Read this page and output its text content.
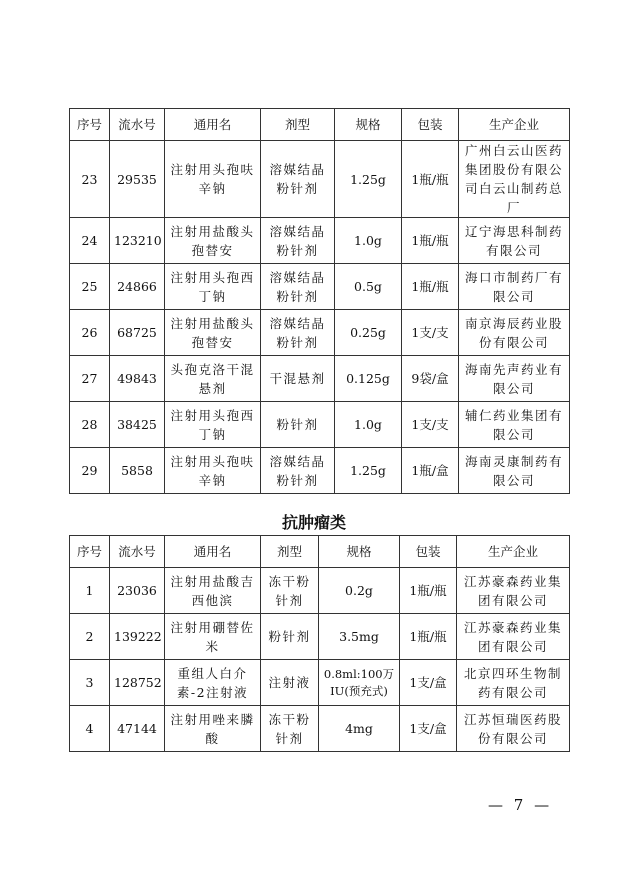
序号	流水号	通用名	剂型	规格	包装	生产企业
23	29535	注射用头孢呋辛钠	溶媒结晶粉针剂	1.25g	1瓶/瓶	广州白云山医药集团股份有限公司白云山制药总厂
24	123210	注射用盐酸头孢替安	溶媒结晶粉针剂	1.0g	1瓶/瓶	辽宁海思科制药有限公司
25	24866	注射用头孢西丁钠	溶媒结晶粉针剂	0.5g	1瓶/瓶	海口市制药厂有限公司
26	68725	注射用盐酸头孢替安	溶媒结晶粉针剂	0.25g	1支/支	南京海辰药业股份有限公司
27	49843	头孢克洛干混悬剂	干混悬剂	0.125g	9袋/盒	海南先声药业有限公司
28	38425	注射用头孢西丁钠	粉针剂	1.0g	1支/支	辅仁药业集团有限公司
29	5858	注射用头孢呋辛钠	溶媒结晶粉针剂	1.25g	1瓶/盒	海南灵康制药有限公司
抗肿瘤类
序号	流水号	通用名	剂型	规格	包装	生产企业
1	23036	注射用盐酸吉西他滨	冻干粉针剂	0.2g	1瓶/瓶	江苏豪森药业集团有限公司
2	139222	注射用硼替佐米	粉针剂	3.5mg	1瓶/瓶	江苏豪森药业集团有限公司
3	128752	重组人白介素-2注射液	注射液	0.8ml:100万IU(预充式)	1支/盒	北京四环生物制药有限公司
4	47144	注射用唑来膦酸	冻干粉针剂	4mg	1支/盒	江苏恒瑞医药股份有限公司
— 7 —
